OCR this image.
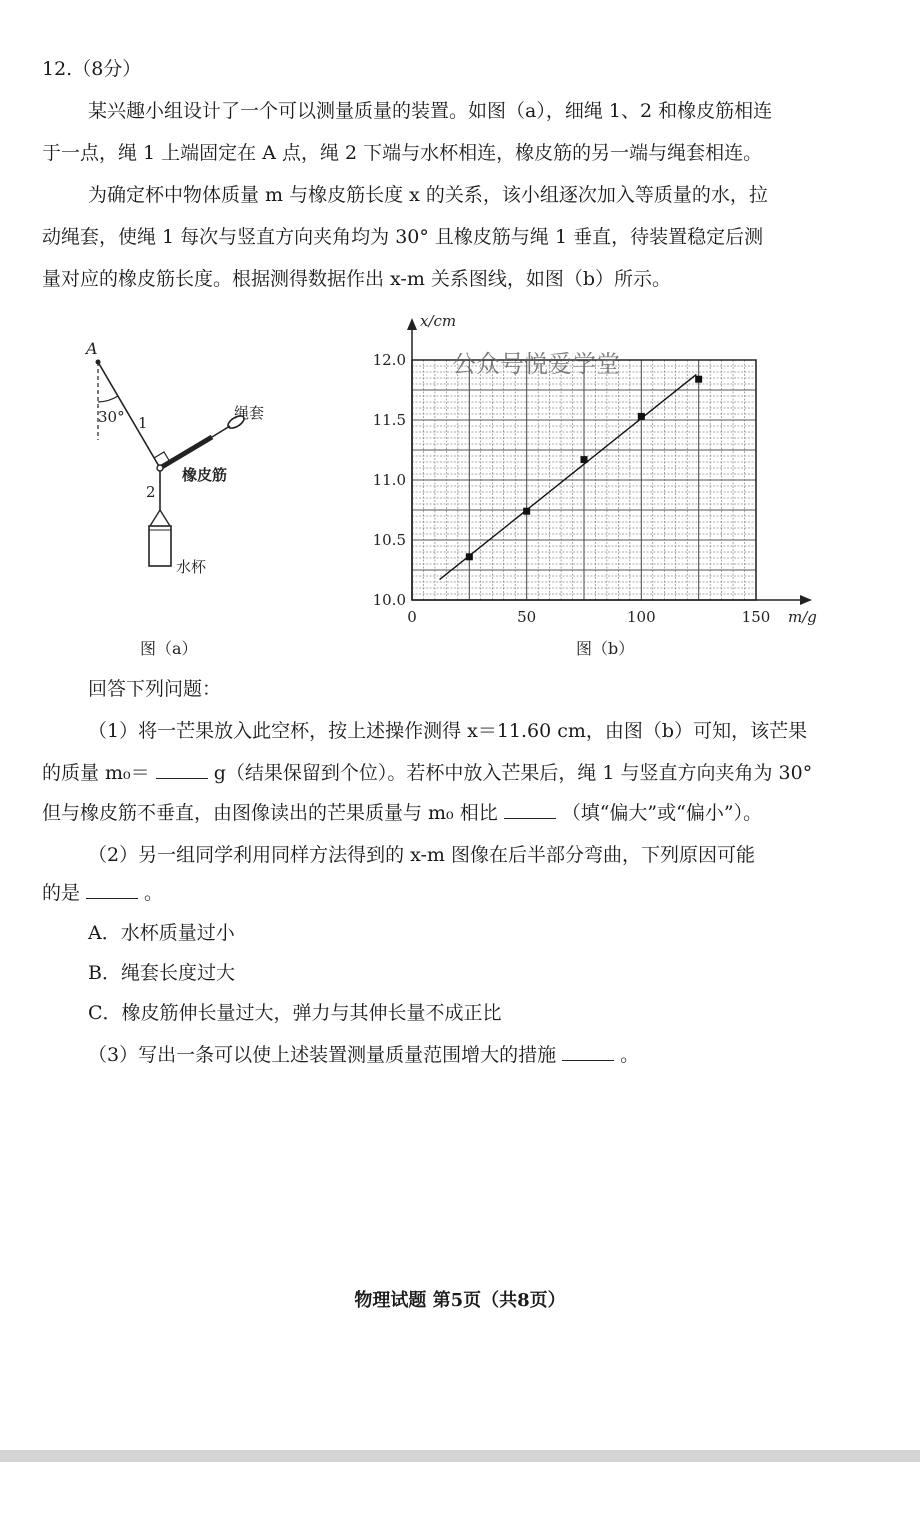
12.（8分）
某兴趣小组设计了一个可以测量质量的装置。如图（a），细绳 1、2 和橡皮筋相连
于一点，绳 1 上端固定在 A 点，绳 2 下端与水杯相连，橡皮筋的另一端与绳套相连。
为确定杯中物体质量 m 与橡皮筋长度 x 的关系，该小组逐次加入等质量的水，拉
动绳套，使绳 1 每次与竖直方向夹角均为 30° 且橡皮筋与绳 1 垂直，待装置稳定后测
量对应的橡皮筋长度。根据测得数据作出 x-m 关系图线，如图（b）所示。
A
30° 1
2
绳套
橡皮筋
水杯
图（a）
0	50	100	150
10.0
10.5
11.0
11.5
12.0 公众号悦爱学堂
x/cm
m/g
图（b）
回答下列问题：
（1）将一芒果放入此空杯，按上述操作测得 x＝11.60 cm，由图（b）可知，该芒果
的质量 m₀＝	g（结果保留到个位）。若杯中放入芒果后，绳 1 与竖直方向夹角为 30°
但与橡皮筋不垂直，由图像读出的芒果质量与 m₀ 相比	（填“偏大”或“偏小”）。
（2）另一组同学利用同样方法得到的 x-m 图像在后半部分弯曲，下列原因可能
的是	。
A．水杯质量过小
B．绳套长度过大
C．橡皮筋伸长量过大，弹力与其伸长量不成正比
（3）写出一条可以使上述装置测量质量范围增大的措施	。
物理试题 第5页（共8页）
